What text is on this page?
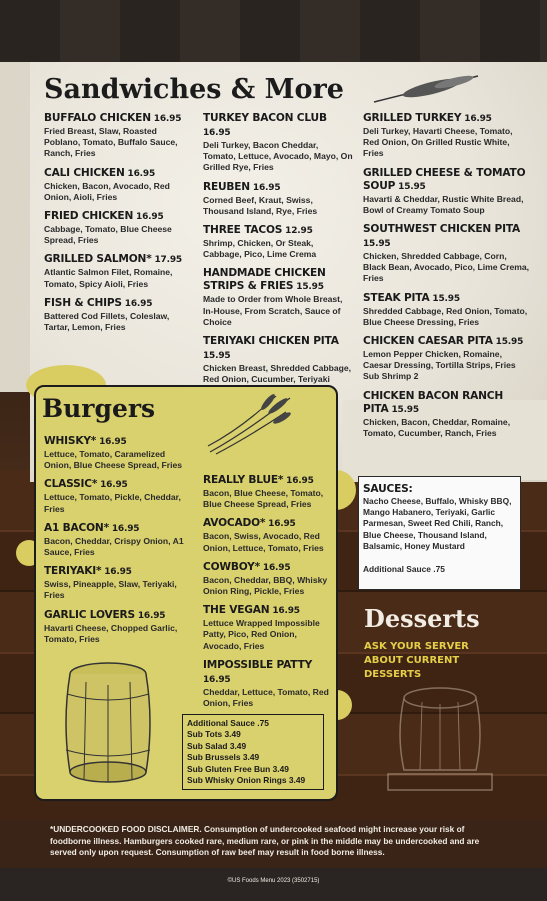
Sandwiches & More
BUFFALO CHICKEN 16.95
Fried Breast, Slaw, Roasted Poblano, Tomato, Buffalo Sauce, Ranch, Fries
CALI CHICKEN 16.95
Chicken, Bacon, Avocado, Red Onion, Aioli, Fries
FRIED CHICKEN 16.95
Cabbage, Tomato, Blue Cheese Spread, Fries
GRILLED SALMON* 17.95
Atlantic Salmon Filet, Romaine, Tomato, Spicy Aioli, Fries
FISH & CHIPS 16.95
Battered Cod Fillets, Coleslaw, Tartar, Lemon, Fries
TURKEY BACON CLUB 16.95
Deli Turkey, Bacon Cheddar, Tomato, Lettuce, Avocado, Mayo, On Grilled Rye, Fries
REUBEN 16.95
Corned Beef, Kraut, Swiss, Thousand Island, Rye, Fries
THREE TACOS 12.95
Shrimp, Chicken, Or Steak, Cabbage, Pico, Lime Crema
HANDMADE CHICKEN STRIPS & FRIES 15.95
Made to Order from Whole Breast, In-House, From Scratch, Sauce of Choice
TERIYAKI CHICKEN PITA 15.95
Chicken Breast, Shredded Cabbage, Red Onion, Cucumber, Teriyaki
GRILLED TURKEY 16.95
Deli Turkey, Havarti Cheese, Tomato, Red Onion, On Grilled Rustic White, Fries
GRILLED CHEESE & TOMATO SOUP 15.95
Havarti & Cheddar, Rustic White Bread, Bowl of Creamy Tomato Soup
SOUTHWEST CHICKEN PITA 15.95
Chicken, Shredded Cabbage, Corn, Black Bean, Avocado, Pico, Lime Crema, Fries
STEAK PITA 15.95
Shredded Cabbage, Red Onion, Tomato, Blue Cheese Dressing, Fries
CHICKEN CAESAR PITA 15.95
Lemon Pepper Chicken, Romaine, Caesar Dressing, Tortilla Strips, Fries Sub Shrimp 2
CHICKEN BACON RANCH PITA 15.95
Chicken, Bacon, Cheddar, Romaine, Tomato, Cucumber, Ranch, Fries
Burgers
WHISKY* 16.95
Lettuce, Tomato, Caramelized Onion, Blue Cheese Spread, Fries
CLASSIC* 16.95
Lettuce, Tomato, Pickle, Cheddar, Fries
A1 BACON* 16.95
Bacon, Cheddar, Crispy Onion, A1 Sauce, Fries
TERIYAKI* 16.95
Swiss, Pineapple, Slaw, Teriyaki, Fries
GARLIC LOVERS 16.95
Havarti Cheese, Chopped Garlic, Tomato, Fries
REALLY BLUE* 16.95
Bacon, Blue Cheese, Tomato, Blue Cheese Spread, Fries
AVOCADO* 16.95
Bacon, Swiss, Avocado, Red Onion, Lettuce, Tomato, Fries
COWBOY* 16.95
Bacon, Cheddar, BBQ, Whisky Onion Ring, Pickle, Fries
THE VEGAN 16.95
Lettuce Wrapped Impossible Patty, Pico, Red Onion, Avocado, Fries
IMPOSSIBLE PATTY 16.95
Cheddar, Lettuce, Tomato, Red Onion, Fries
Additional Sauce .75
Sub Tots 3.49
Sub Salad 3.49
Sub Brussels 3.49
Sub Gluten Free Bun 3.49
Sub Whisky Onion Rings 3.49
SAUCES:
Nacho Cheese, Buffalo, Whisky BBQ, Mango Habanero, Teriyaki, Garlic Parmesan, Sweet Red Chili, Ranch, Blue Cheese, Thousand Island, Balsamic, Honey Mustard
Additional Sauce .75
Desserts
ASK YOUR SERVER ABOUT CURRENT DESSERTS
*UNDERCOOKED FOOD DISCLAIMER. Consumption of undercooked seafood might increase your risk of foodborne illness. Hamburgers cooked rare, medium rare, or pink in the middle may be undercooked and are served only upon request. Consumption of raw beef may result in food borne illness.
©US Foods Menu 2023 (3502715)
